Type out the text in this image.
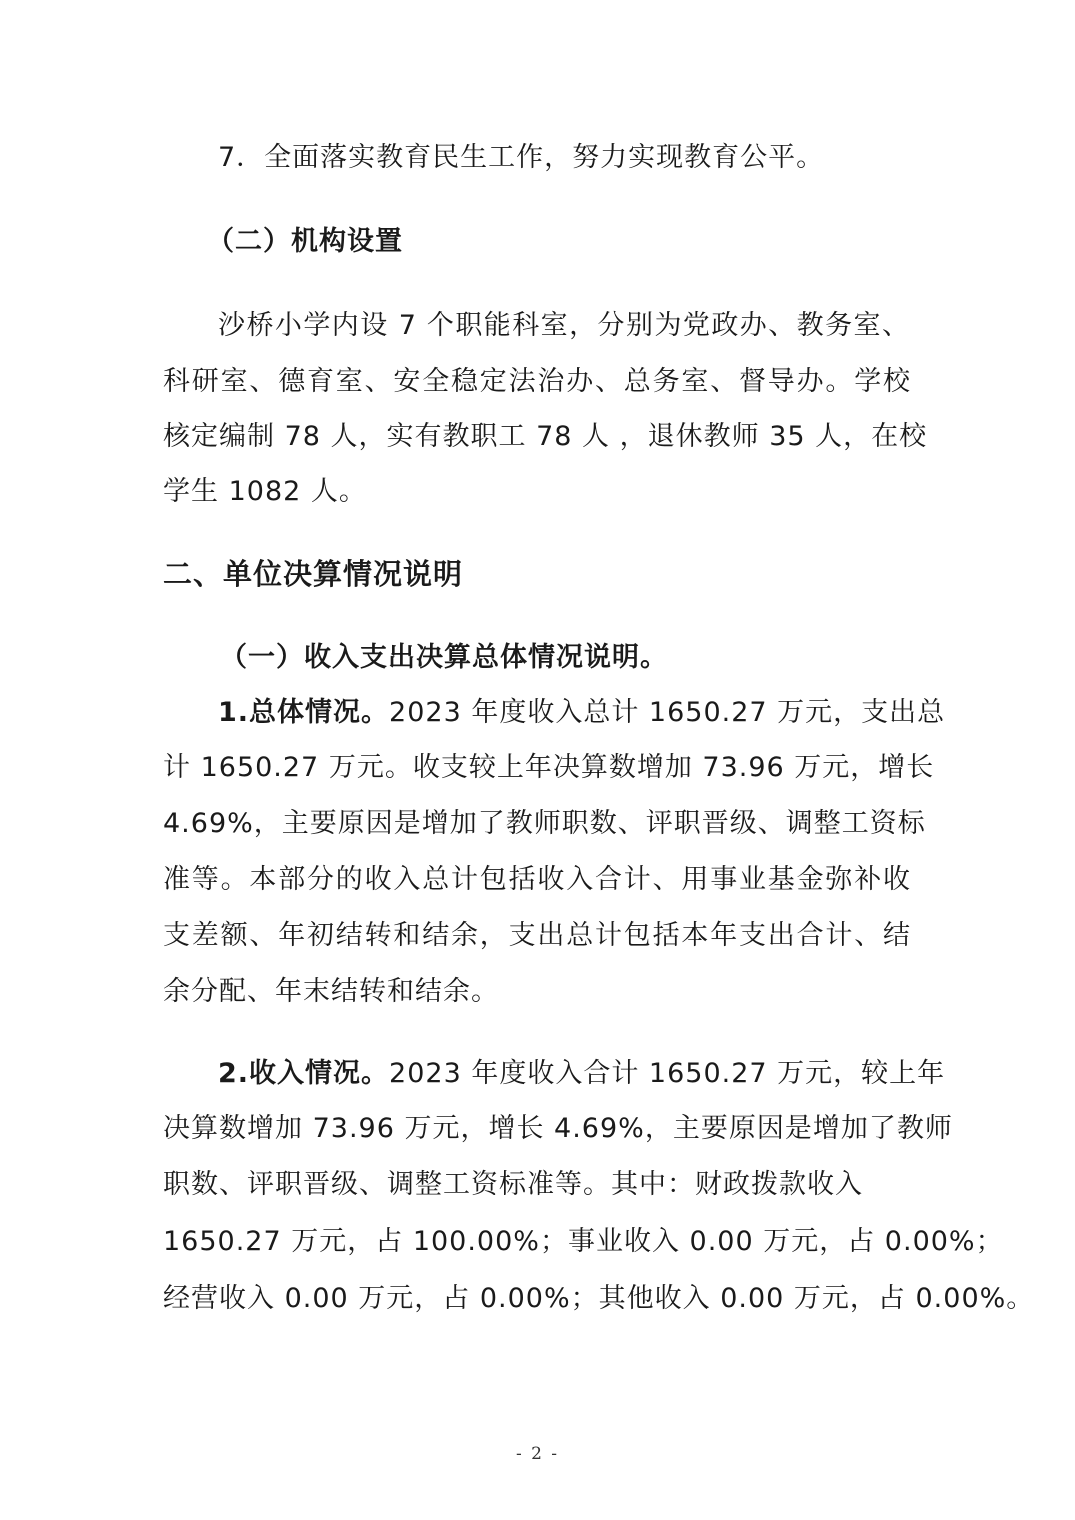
7．全面落实教育民生工作，努力实现教育公平。
（二）机构设置
沙桥小学内设 7 个职能科室，分别为党政办、教务室、
科研室、德育室、安全稳定法治办、总务室、督导办。学校
核定编制 78 人，实有教职工 78 人 ，退休教师 35 人，在校
学生 1082 人。
二、单位决算情况说明
（一）收入支出决算总体情况说明。
1.总体情况。2023 年度收入总计 1650.27 万元，支出总
计 1650.27 万元。收支较上年决算数增加 73.96 万元，增长
4.69%，主要原因是增加了教师职数、评职晋级、调整工资标
准等。本部分的收入总计包括收入合计、用事业基金弥补收
支差额、年初结转和结余，支出总计包括本年支出合计、结
余分配、年末结转和结余。
2.收入情况。2023 年度收入合计 1650.27 万元，较上年
决算数增加 73.96 万元，增长 4.69%，主要原因是增加了教师
职数、评职晋级、调整工资标准等。其中：财政拨款收入
1650.27 万元，占 100.00%；事业收入 0.00 万元，占 0.00%；
经营收入 0.00 万元，占 0.00%；其他收入 0.00 万元，占 0.00%。
- 2 -
